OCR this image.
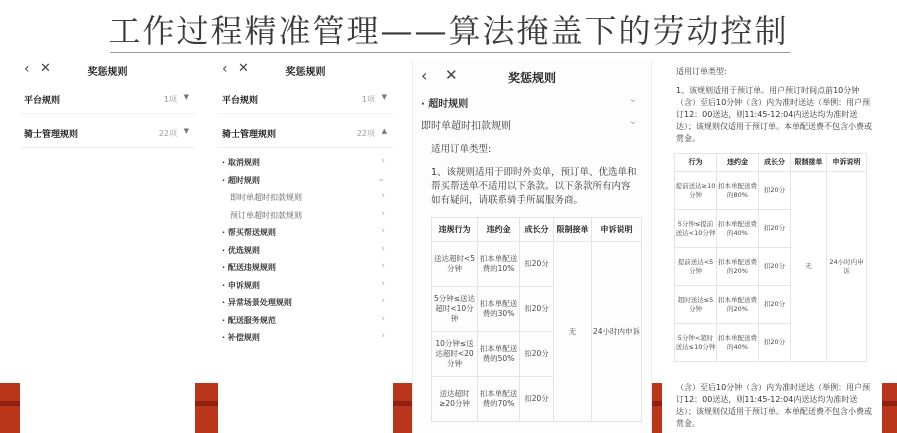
工作过程精准管理——算法掩盖下的劳动控制
‹ ✕	奖惩规则
平台规则	1项 ▼
骑士管理规则	22项 ▼
‹ ✕	奖惩规则
平台规则	1项 ▼
骑士管理规则	22项 ▲
· 取消规则	›
· 超时规则	⌄
即时单超时扣款规则	›
预订单超时扣款规则	›
· 帮买帮送规则	›
· 优选规则	›
· 配送违规规则	›
· 申诉规则	›
· 异常场景处理规则	›
· 配送服务规范	›
· 补偿规则	›
‹ ✕	奖惩规则
· 超时规则	⌄
即时单超时扣款规则	⌄
适用订单类型:
1、该规则适用于即时外卖单，预订单、优选单和帮买帮送单不适用以下条款。以下条款所有内容如有疑问，请联系骑手所属服务商。
违规行为	违约金	成长分	限制接单	申诉说明
送达超时<5分钟	扣本单配送费的10%	扣20分	无	24小时内申诉
5分钟≤送达超时<10分钟	扣本单配送费的30%	扣20分		
10分钟≤送达超时<20分钟	扣本单配送费的50%	扣20分		
送达超时≥20分钟	扣本单配送费的70%	扣20分		
适用订单类型:
1、该规则适用于预订单。用户预订时间点前10分钟（含）至后10分钟（含）内为准时送达（举例：用户预订12：00送达，则11:45-12:04内送达均为准时送达）；该规则仅适用于预订单。本单配送费不包含小费或赏金。
行为	违约金	成长分	限制接单	申诉说明
提前送达≥10分钟	扣本单配送费的80%	扣20分	无	24小时内申诉
5分钟≤提前送达<10分钟	扣本单配送费的40%	扣20分		
提前送达<5分钟	扣本单配送费的20%	扣20分		
超时送达≤5分钟	扣本单配送费的20%	扣20分		
5分钟<超时送达≤10分钟	扣本单配送费的40%	扣20分		
（含）至后10分钟（含）内为准时送达（举例：用户预订12：00送达，则11:45-12:04内送达均为准时送达）；该规则仅适用于预订单。本单配送费不包含小费或赏金。
